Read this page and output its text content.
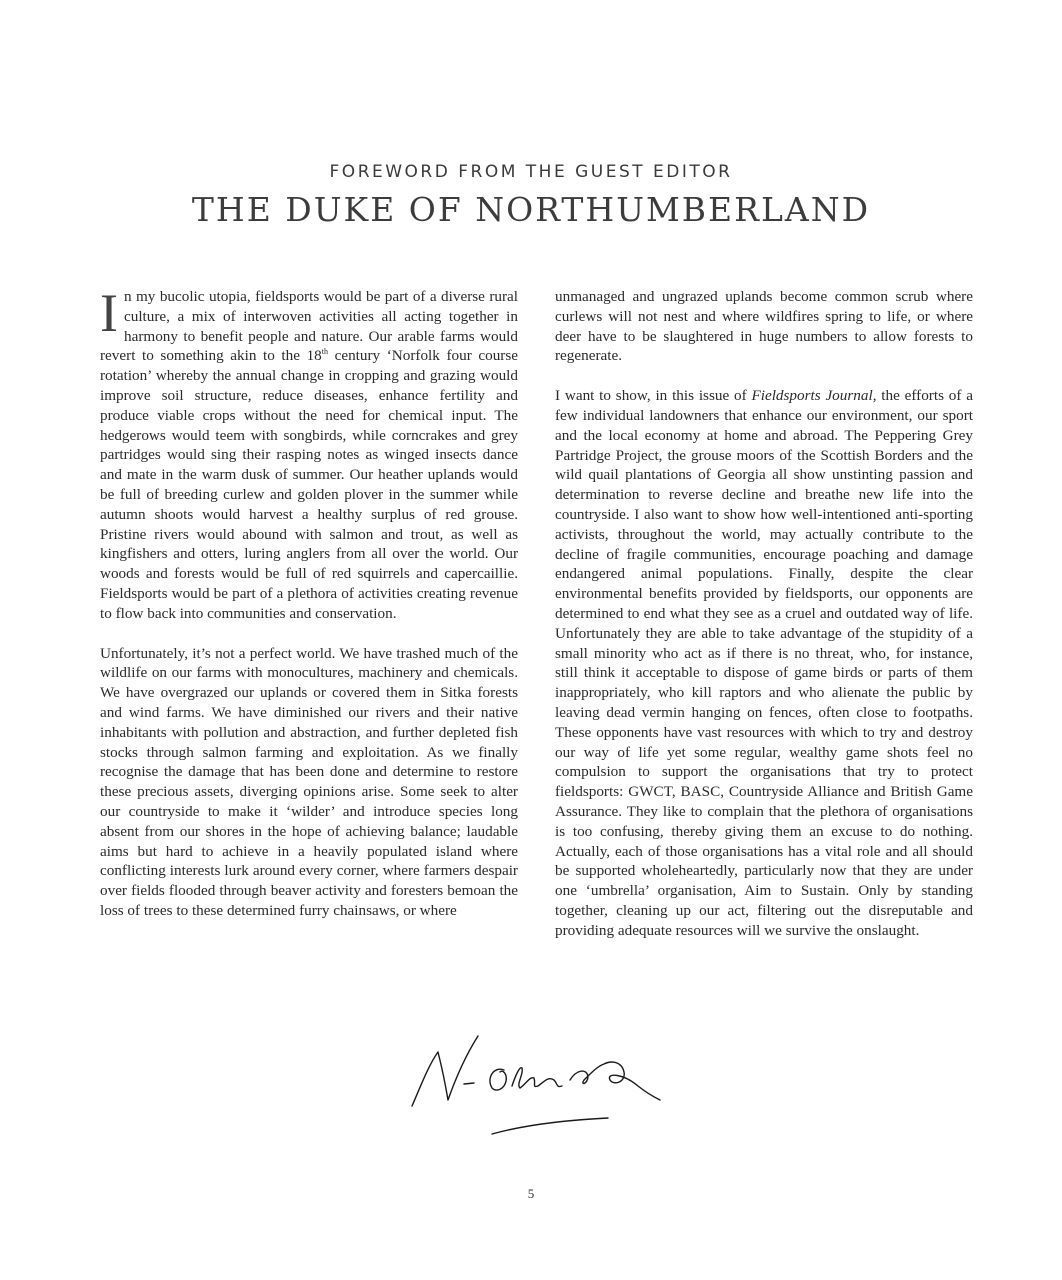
FOREWORD FROM THE GUEST EDITOR
THE DUKE OF NORTHUMBERLAND

In my bucolic utopia, fieldsports would be part of a diverse rural culture, a mix of interwoven activities all acting together in harmony to benefit people and nature. Our arable farms would revert to something akin to the 18th century ‘Norfolk four course rotation’ whereby the annual change in cropping and grazing would improve soil structure, reduce diseases, enhance fertility and produce viable crops without the need for chemical input. The hedgerows would teem with songbirds, while corncrakes and grey partridges would sing their rasping notes as winged insects dance and mate in the warm dusk of summer. Our heather uplands would be full of breeding curlew and golden plover in the summer while autumn shoots would harvest a healthy surplus of red grouse. Pristine rivers would abound with salmon and trout, as well as kingfishers and otters, luring anglers from all over the world. Our woods and forests would be full of red squirrels and capercaillie. Fieldsports would be part of a plethora of activities creating revenue to flow back into communities and conservation.

Unfortunately, it’s not a perfect world. We have trashed much of the wildlife on our farms with monocultures, machinery and chemicals. We have overgrazed our uplands or covered them in Sitka forests and wind farms. We have diminished our rivers and their native inhabitants with pollution and abstraction, and further depleted fish stocks through salmon farming and exploitation. As we finally recognise the damage that has been done and determine to restore these precious assets, diverging opinions arise. Some seek to alter our countryside to make it ‘wilder’ and introduce species long absent from our shores in the hope of achieving balance; laudable aims but hard to achieve in a heavily populated island where conflicting interests lurk around every corner, where farmers despair over fields flooded through beaver activity and foresters bemoan the loss of trees to these determined furry chainsaws, or where

unmanaged and ungrazed uplands become common scrub where curlews will not nest and where wildfires spring to life, or where deer have to be slaughtered in huge numbers to allow forests to regenerate.

I want to show, in this issue of Fieldsports Journal, the efforts of a few individual landowners that enhance our environment, our sport and the local economy at home and abroad. The Peppering Grey Partridge Project, the grouse moors of the Scottish Borders and the wild quail plantations of Georgia all show unstinting passion and determination to reverse decline and breathe new life into the countryside. I also want to show how well-intentioned anti-sporting activists, throughout the world, may actually contribute to the decline of fragile communities, encourage poaching and damage endangered animal populations. Finally, despite the clear environmental benefits provided by fieldsports, our opponents are determined to end what they see as a cruel and outdated way of life. Unfortunately they are able to take advantage of the stupidity of a small minority who act as if there is no threat, who, for instance, still think it acceptable to dispose of game birds or parts of them inappropriately, who kill raptors and who alienate the public by leaving dead vermin hanging on fences, often close to footpaths. These opponents have vast resources with which to try and destroy our way of life yet some regular, wealthy game shots feel no compulsion to support the organisations that try to protect fieldsports: GWCT, BASC, Countryside Alliance and British Game Assurance. They like to complain that the plethora of organisations is too confusing, thereby giving them an excuse to do nothing. Actually, each of those organisations has a vital role and all should be supported wholeheartedly, particularly now that they are under one ‘umbrella’ organisation, Aim to Sustain. Only by standing together, cleaning up our act, filtering out the disreputable and providing adequate resources will we survive the onslaught.

5
